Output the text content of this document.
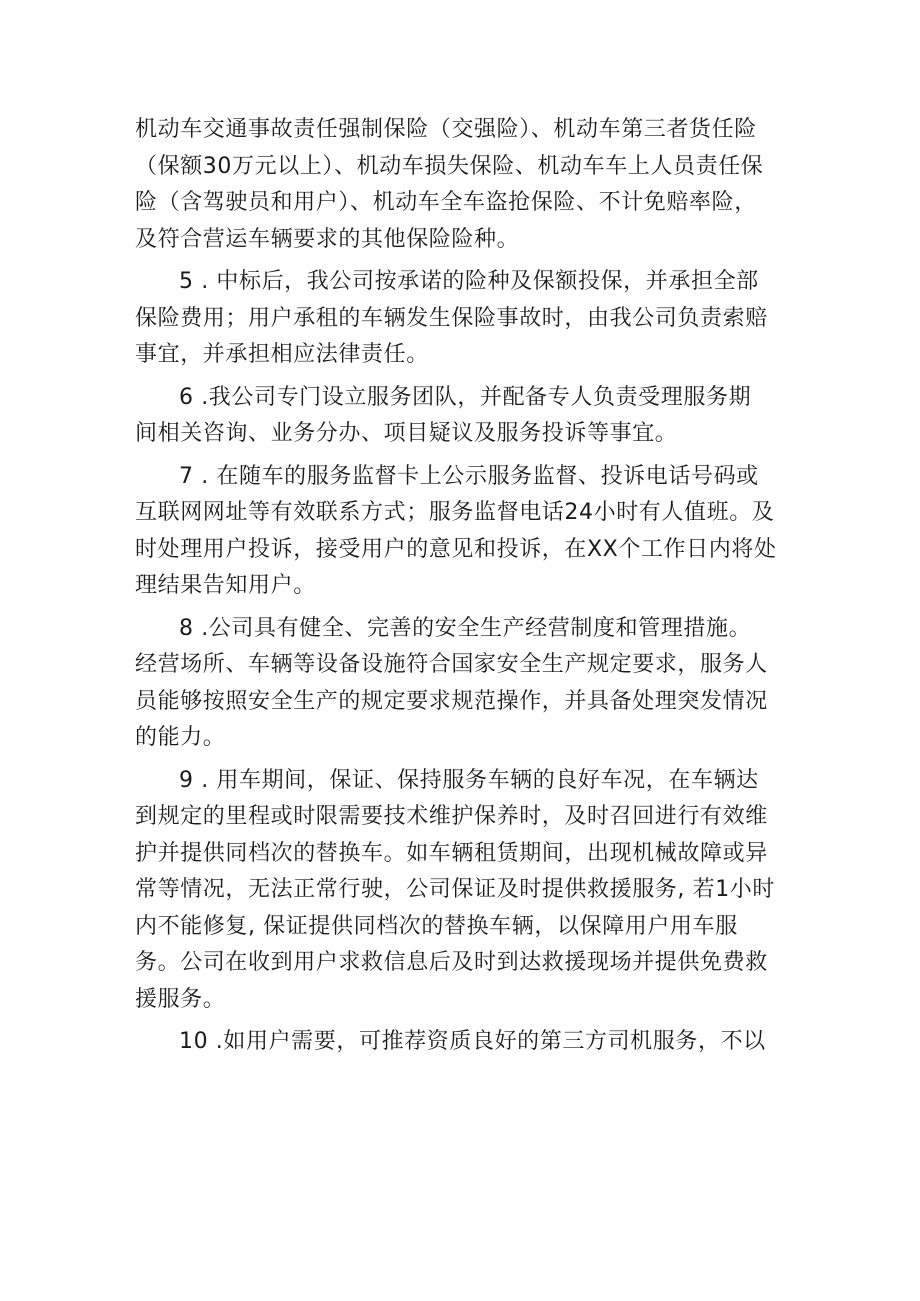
机动车交通事故责任强制保险（交强险）、机动车第三者货任险
（保额30万元以上）、机动车损失保险、机动车车上人员责任保
险（含驾驶员和用户）、机动车全车盗抢保险、不计免赔率险，
及符合营运车辆要求的其他保险险种。

5 . 中标后，我公司按承诺的险种及保额投保，并承担全部
保险费用；用户承租的车辆发生保险事故时，由我公司负责索赔
事宜，并承担相应法律责任。

6 .我公司专门设立服务团队，并配备专人负责受理服务期
间相关咨询、业务分办、项目疑议及服务投诉等事宜。

7 . 在随车的服务监督卡上公示服务监督、投诉电话号码或
互联网网址等有效联系方式；服务监督电话24小时有人值班。及
时处理用户投诉，接受用户的意见和投诉，在XX个工作日内将处
理结果告知用户。

8 .公司具有健全、完善的安全生产经营制度和管理措施。
经营场所、车辆等设备设施符合国家安全生产规定要求，服务人
员能够按照安全生产的规定要求规范操作，并具备处理突发情况
的能力。

9 . 用车期间，保证、保持服务车辆的良好车况，在车辆达
到规定的里程或时限需要技术维护保养时，及时召回进行有效维
护并提供同档次的替换车。如车辆租赁期间，出现机械故障或异
常等情况，无法正常行驶，公司保证及时提供救援服务, 若1小时
内不能修复, 保证提供同档次的替换车辆，以保障用户用车服
务。公司在收到用户求救信息后及时到达救援现场并提供免费救
援服务。

10 .如用户需要，可推荐资质良好的第三方司机服务，不以
